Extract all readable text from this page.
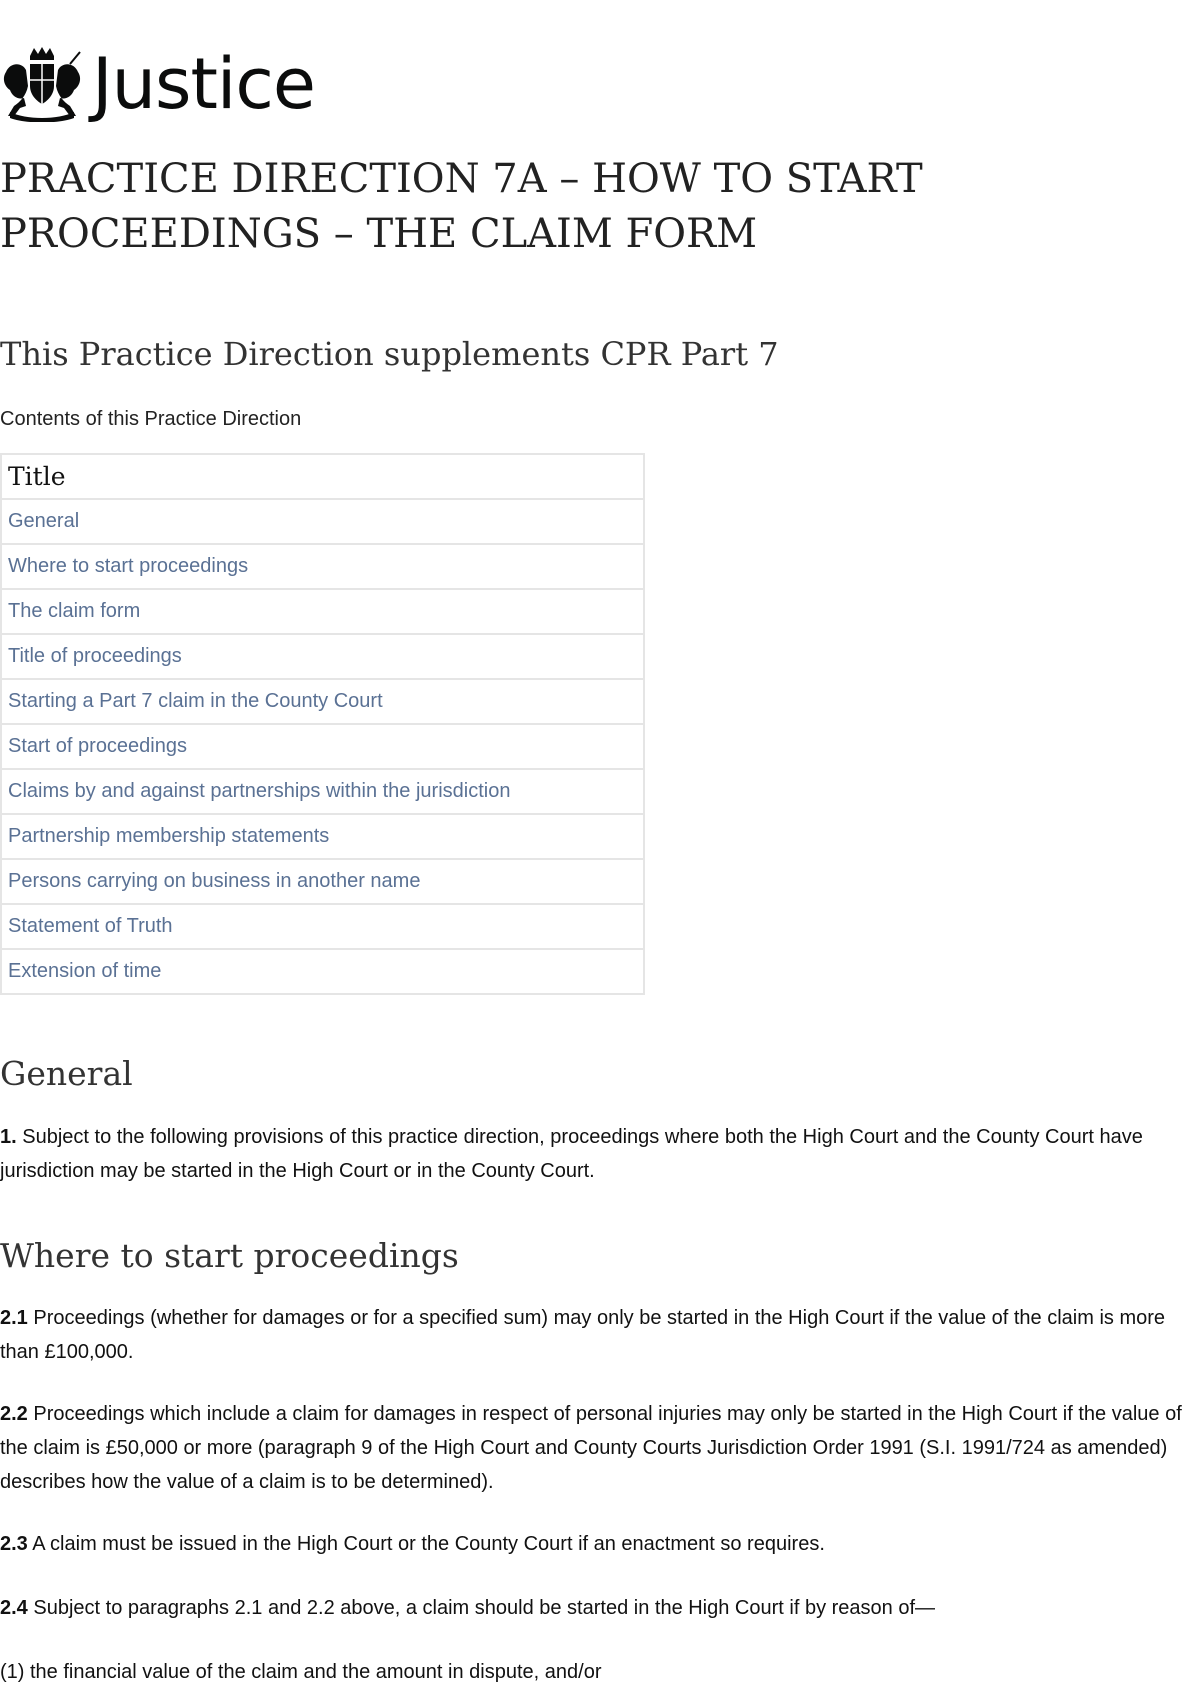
Justice
PRACTICE DIRECTION 7A – HOW TO START PROCEEDINGS – THE CLAIM FORM
This Practice Direction supplements CPR Part 7
Contents of this Practice Direction
Title
General
Where to start proceedings
The claim form
Title of proceedings
Starting a Part 7 claim in the County Court
Start of proceedings
Claims by and against partnerships within the jurisdiction
Partnership membership statements
Persons carrying on business in another name
Statement of Truth
Extension of time
General

1. Subject to the following provisions of this practice direction, proceedings where both the High Court and the County Court have jurisdiction may be started in the High Court or in the County Court.

Where to start proceedings

2.1 Proceedings (whether for damages or for a specified sum) may only be started in the High Court if the value of the claim is more than £100,000.

2.2 Proceedings which include a claim for damages in respect of personal injuries may only be started in the High Court if the value of the claim is £50,000 or more (paragraph 9 of the High Court and County Courts Jurisdiction Order 1991 (S.I. 1991/724 as amended) describes how the value of a claim is to be determined).

2.3 A claim must be issued in the High Court or the County Court if an enactment so requires.

2.4 Subject to paragraphs 2.1 and 2.2 above, a claim should be started in the High Court if by reason of—

(1) the financial value of the claim and the amount in dispute, and/or
